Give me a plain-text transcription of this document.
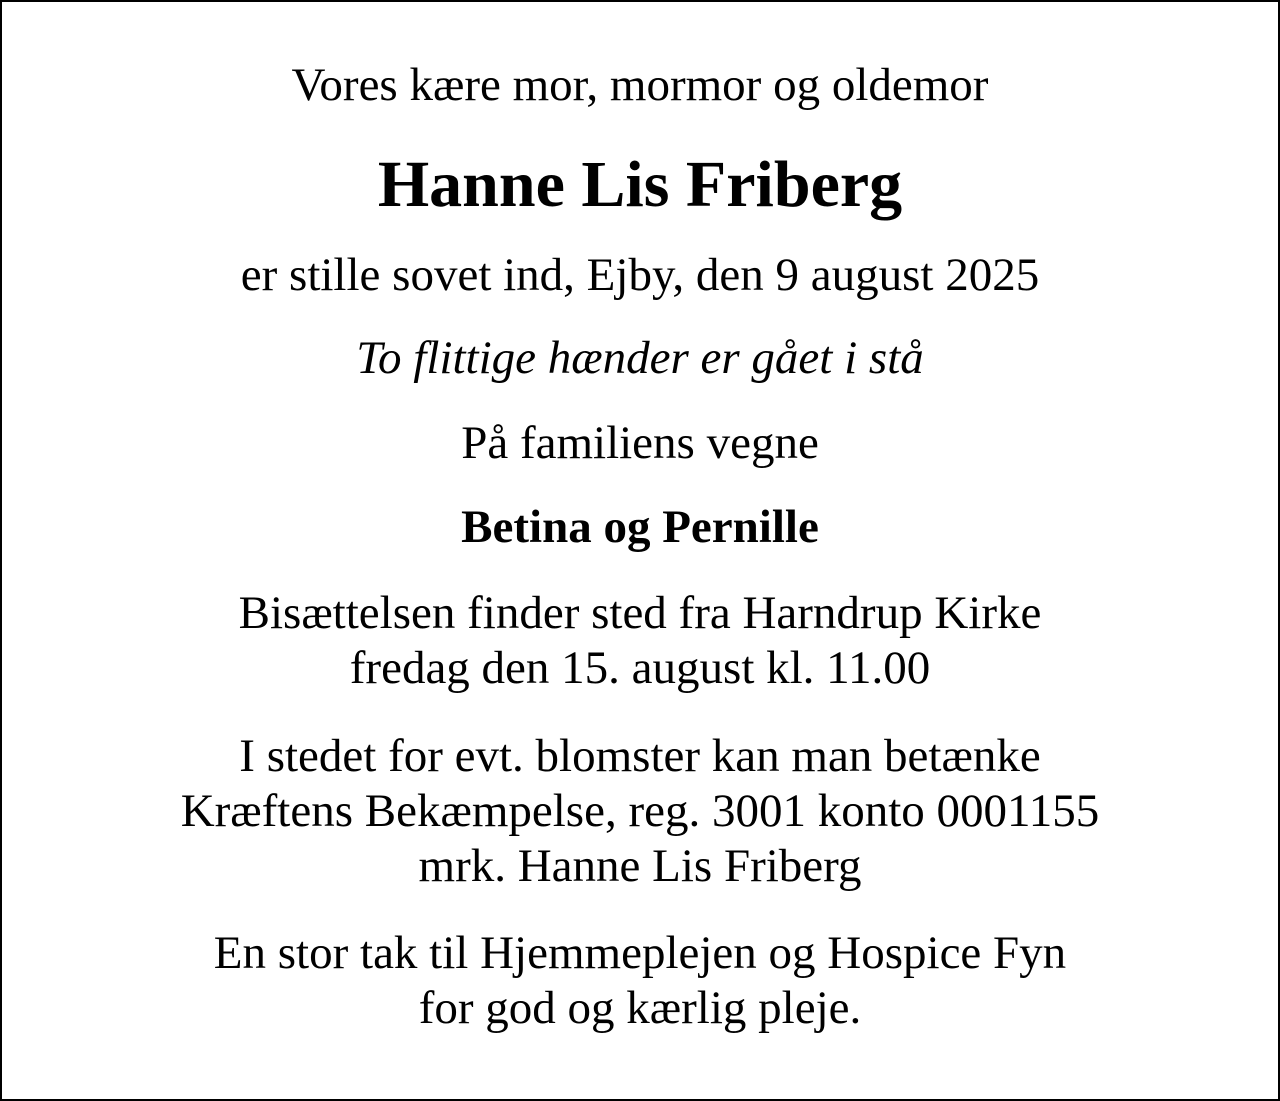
Vores kære mor, mormor og oldemor

Hanne Lis Friberg

er stille sovet ind, Ejby, den 9 august 2025

To flittige hænder er gået i stå

På familiens vegne

Betina og Pernille

Bisættelsen finder sted fra Harndrup Kirke
fredag den 15. august kl. 11.00
I stedet for evt. blomster kan man betænke
Kræftens Bekæmpelse, reg. 3001 konto 0001155
mrk. Hanne Lis Friberg
En stor tak til Hjemmeplejen og Hospice Fyn
for god og kærlig pleje.
